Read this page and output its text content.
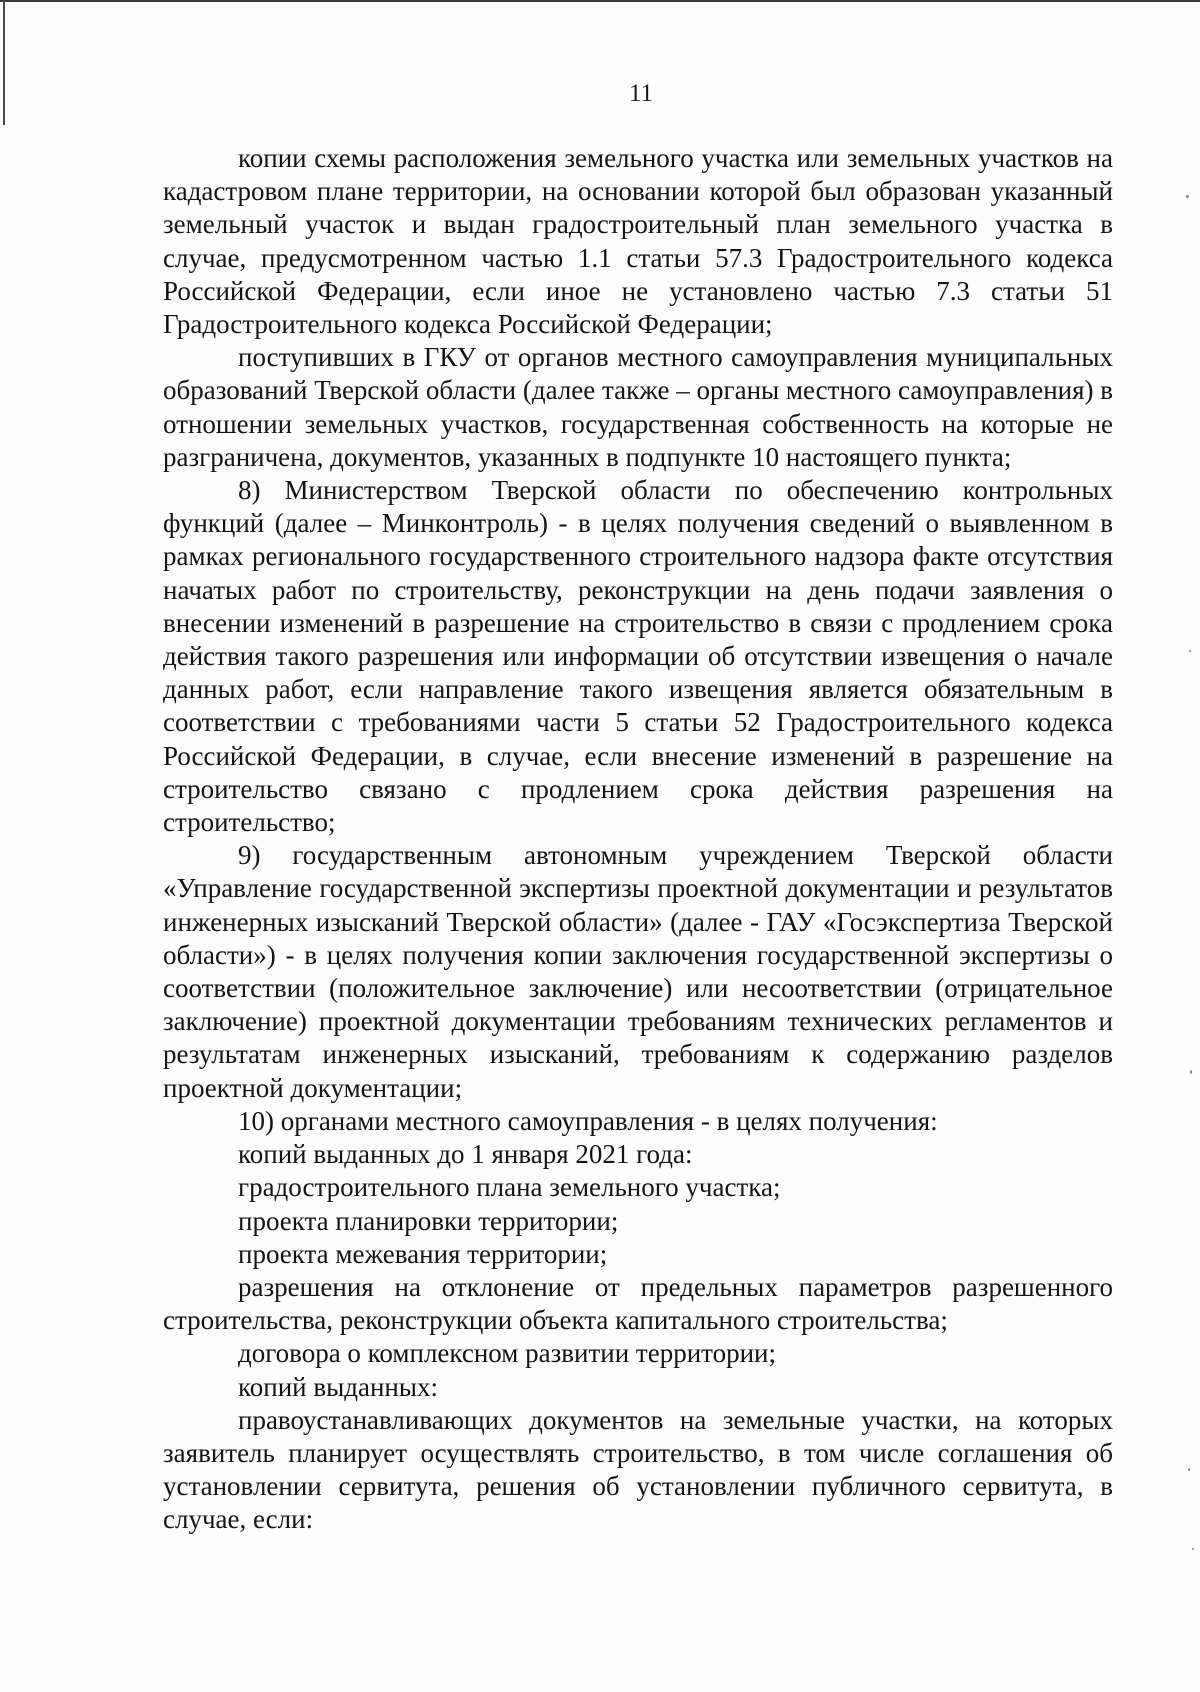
11

копии схемы расположения земельного участка или земельных участков на кадастровом плане территории, на основании которой был образован указанный земельный участок и выдан градостроительный план земельного участка в случае, предусмотренном частью 1.1 статьи 57.3 Градостроительного кодекса Российской Федерации, если иное не установлено частью 7.3 статьи 51 Градостроительного кодекса Российской Федерации;

поступивших в ГКУ от органов местного самоуправления муниципальных образований Тверской области (далее также – органы местного самоуправления) в отношении земельных участков, государственная собственность на которые не разграничена, документов, указанных в подпункте 10 настоящего пункта;

8) Министерством Тверской области по обеспечению контрольных функций (далее – Минконтроль) - в целях получения сведений о выявленном в рамках регионального государственного строительного надзора факте отсутствия начатых работ по строительству, реконструкции на день подачи заявления о внесении изменений в разрешение на строительство в связи с продлением срока действия такого разрешения или информации об отсутствии извещения о начале данных работ, если направление такого извещения является обязательным в соответствии с требованиями части 5 статьи 52 Градостроительного кодекса Российской Федерации, в случае, если внесение изменений в разрешение на строительство связано с продлением срока действия разрешения на строительство;

9) государственным автономным учреждением Тверской области «Управление государственной экспертизы проектной документации и результатов инженерных изысканий Тверской области» (далее - ГАУ «Госэкспертиза Тверской области») - в целях получения копии заключения государственной экспертизы о соответствии (положительное заключение) или несоответствии (отрицательное заключение) проектной документации требованиям технических регламентов и результатам инженерных изысканий, требованиям к содержанию разделов проектной документации;

10) органами местного самоуправления - в целях получения:

копий выданных до 1 января 2021 года:

градостроительного плана земельного участка;

проекта планировки территории;

проекта межевания территории;

разрешения на отклонение от предельных параметров разрешенного строительства, реконструкции объекта капитального строительства;

договора о комплексном развитии территории;

копий выданных:

правоустанавливающих документов на земельные участки, на которых заявитель планирует осуществлять строительство, в том числе соглашения об установлении сервитута, решения об установлении публичного сервитута, в случае, если:
